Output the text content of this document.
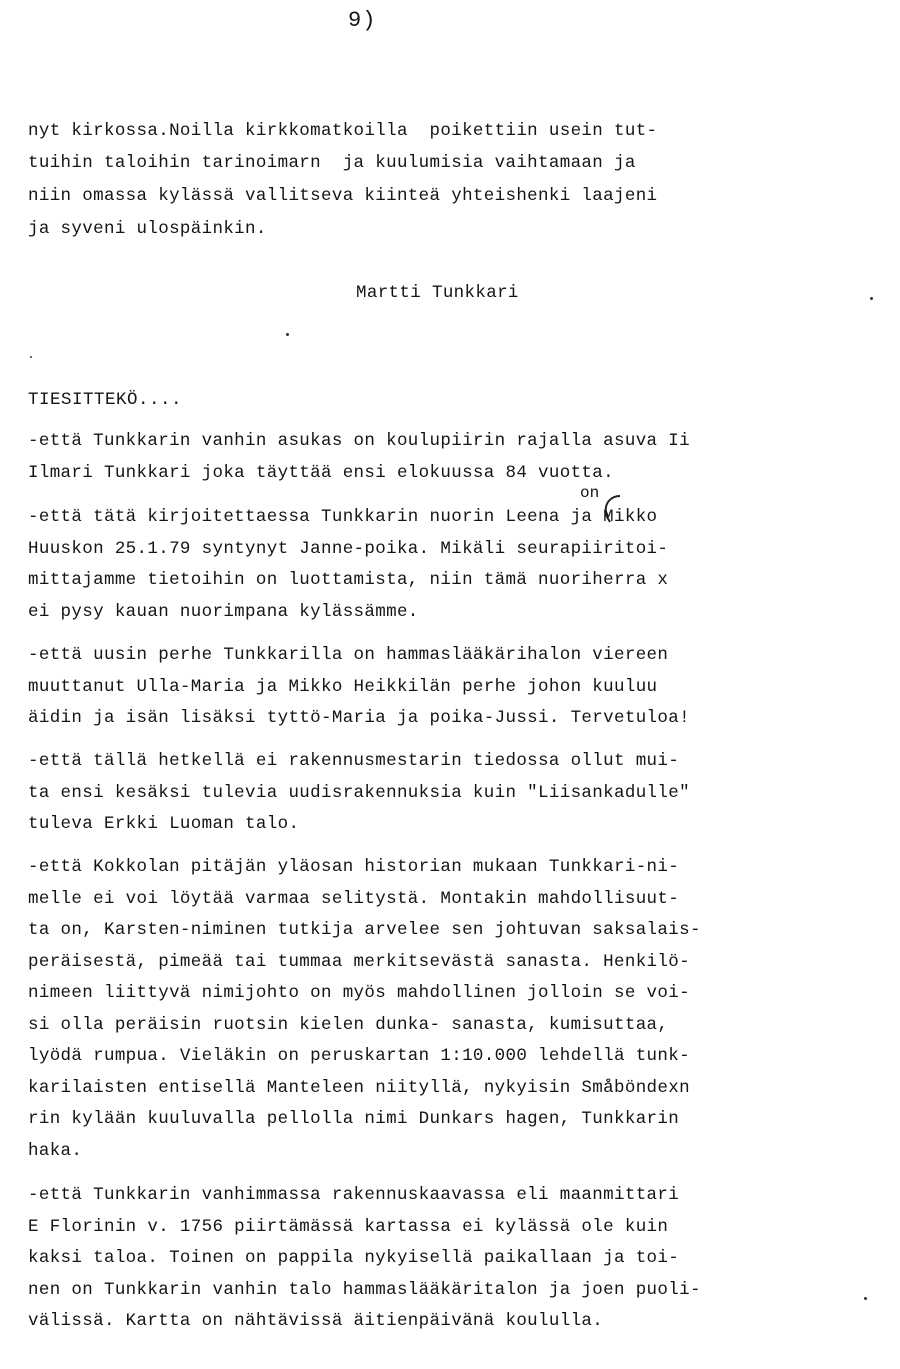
9)
nyt kirkossa.Noilla kirkkomatkoilla  poikettiin usein tut-
tuihin taloihin tarinoimarn  ja kuulumisia vaihtamaan ja
niin omassa kylässä vallitseva kiinteä yhteishenki laajeni
ja syveni ulospäinkin.
Martti Tunkkari
TIESITTEKÖ....
on
-että Tunkkarin vanhin asukas on koulupiirin rajalla asuva Ii
Ilmari Tunkkari joka täyttää ensi elokuussa 84 vuotta.
-että tätä kirjoitettaessa Tunkkarin nuorin Leena ja Mikko
Huuskon 25.1.79 syntynyt Janne-poika. Mikäli seurapiiritoi-
mittajamme tietoihin on luottamista, niin tämä nuoriherra x
ei pysy kauan nuorimpana kylässämme.
-että uusin perhe Tunkkarilla on hammaslääkärihalon viereen
muuttanut Ulla-Maria ja Mikko Heikkilän perhe johon kuuluu
äidin ja isän lisäksi tyttö-Maria ja poika-Jussi. Tervetuloa!
-että tällä hetkellä ei rakennusmestarin tiedossa ollut mui-
ta ensi kesäksi tulevia uudisrakennuksia kuin "Liisankadulle"
tuleva Erkki Luoman talo.
-että Kokkolan pitäjän yläosan historian mukaan Tunkkari-ni-
melle ei voi löytää varmaa selitystä. Montakin mahdollisuut-
ta on, Karsten-niminen tutkija arvelee sen johtuvan saksalais-
peräisestä, pimeää tai tummaa merkitsevästä sanasta. Henkilö-
nimeen liittyvä nimijohto on myös mahdollinen jolloin se voi-
si olla peräisin ruotsin kielen dunka- sanasta, kumisuttaa,
lyödä rumpua. Vieläkin on peruskartan 1:10.000 lehdellä tunk-
karilaisten entisellä Manteleen niityllä, nykyisin Småböndexn
rin kylään kuuluvalla pellolla nimi Dunkars hagen, Tunkkarin
haka.
-että Tunkkarin vanhimmassa rakennuskaavassa eli maanmittari
E Florinin v. 1756 piirtämässä kartassa ei kylässä ole kuin
kaksi taloa. Toinen on pappila nykyisellä paikallaan ja toi-
nen on Tunkkarin vanhin talo hammaslääkäritalon ja joen puoli-
välissä. Kartta on nähtävissä äitienpäivänä koululla.
